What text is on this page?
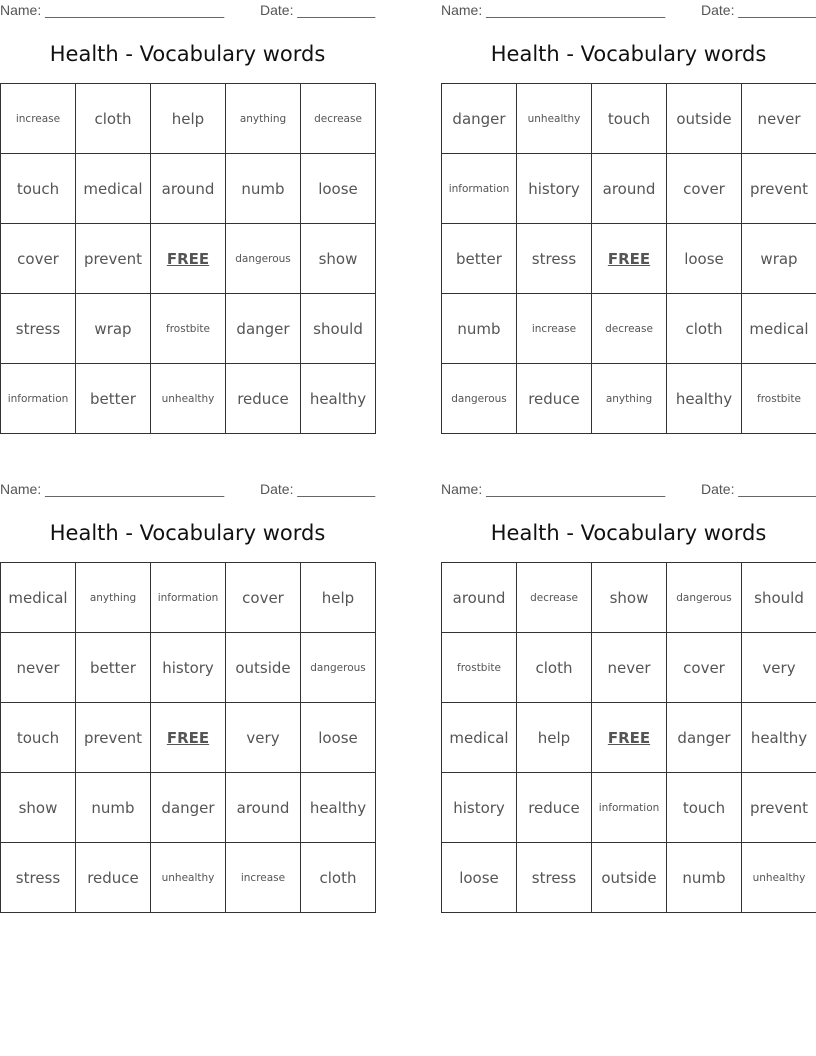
Name: _______________________	Date: __________
Health - Vocabulary words
increase	cloth	help	anything	decrease
touch	medical	around	numb	loose
cover	prevent	FREE	dangerous	show
stress	wrap	frostbite	danger	should
information	better	unhealthy	reduce	healthy
Name: _______________________	Date: __________
Health - Vocabulary words
danger	unhealthy	touch	outside	never
information	history	around	cover	prevent
better	stress	FREE	loose	wrap
numb	increase	decrease	cloth	medical
dangerous	reduce	anything	healthy	frostbite
Name: _______________________	Date: __________
Health - Vocabulary words
medical	anything	information	cover	help
never	better	history	outside	dangerous
touch	prevent	FREE	very	loose
show	numb	danger	around	healthy
stress	reduce	unhealthy	increase	cloth
Name: _______________________	Date: __________
Health - Vocabulary words
around	decrease	show	dangerous	should
frostbite	cloth	never	cover	very
medical	help	FREE	danger	healthy
history	reduce	information	touch	prevent
loose	stress	outside	numb	unhealthy
